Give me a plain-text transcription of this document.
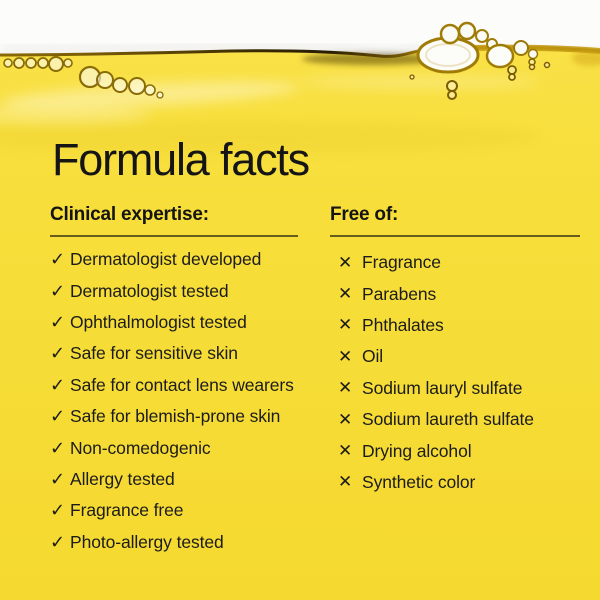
Formula facts
Clinical expertise:	Free of:
✓ Dermatologist developed
✓ Dermatologist tested
✓ Ophthalmologist tested
✓ Safe for sensitive skin
✓ Safe for contact lens wearers
✓ Safe for blemish-prone skin
✓ Non-comedogenic
✓ Allergy tested
✓ Fragrance free
✓ Photo-allergy tested
✕ Fragrance
✕ Parabens
✕ Phthalates
✕ Oil
✕ Sodium lauryl sulfate
✕ Sodium laureth sulfate
✕ Drying alcohol
✕ Synthetic color
